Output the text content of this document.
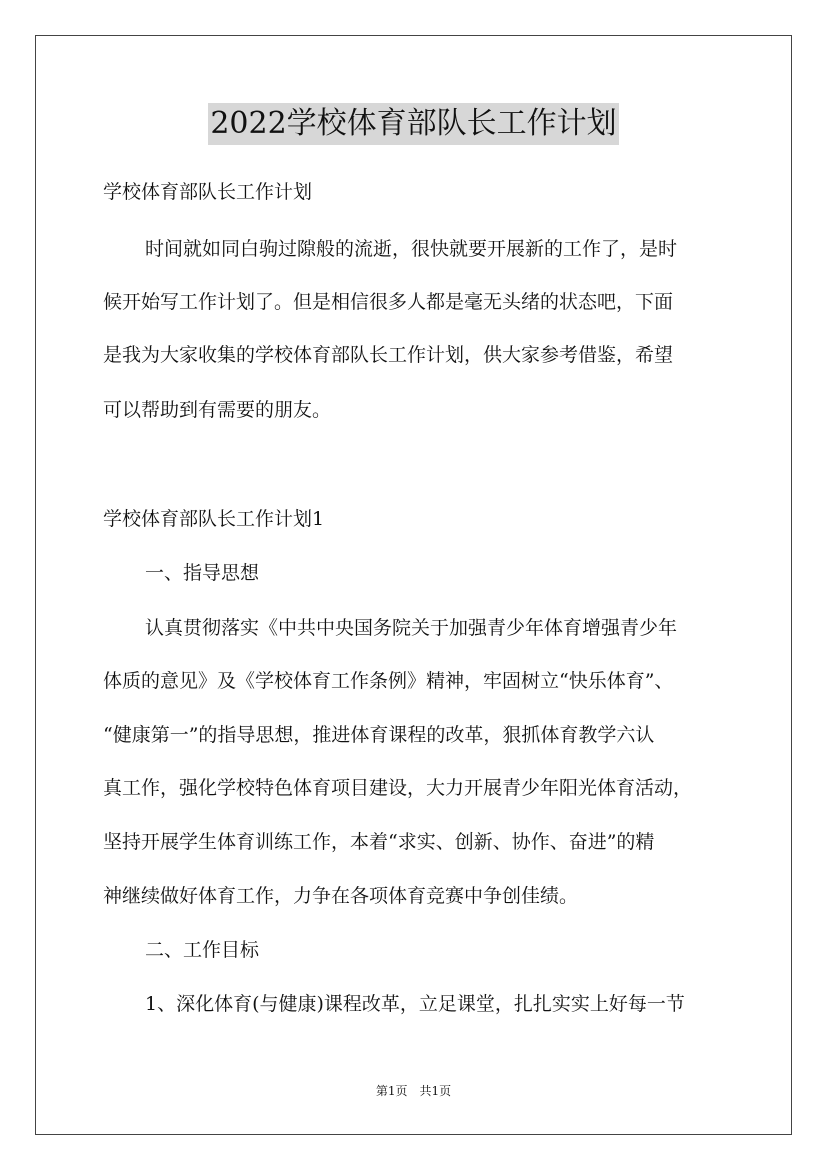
2022学校体育部队长工作计划
学校体育部队长工作计划
时间就如同白驹过隙般的流逝，很快就要开展新的工作了，是时
候开始写工作计划了。但是相信很多人都是毫无头绪的状态吧，下面
是我为大家收集的学校体育部队长工作计划，供大家参考借鉴，希望
可以帮助到有需要的朋友。
学校体育部队长工作计划1
一、指导思想
认真贯彻落实《中共中央国务院关于加强青少年体育增强青少年
体质的意见》及《学校体育工作条例》精神，牢固树立“快乐体育”、
“健康第一”的指导思想，推进体育课程的改革，狠抓体育教学六认
真工作，强化学校特色体育项目建设，大力开展青少年阳光体育活动，
坚持开展学生体育训练工作，本着“求实、创新、协作、奋进”的精
神继续做好体育工作，力争在各项体育竞赛中争创佳绩。
二、工作目标
1、深化体育(与健康)课程改革，立足课堂，扎扎实实上好每一节
第1页　共1页
